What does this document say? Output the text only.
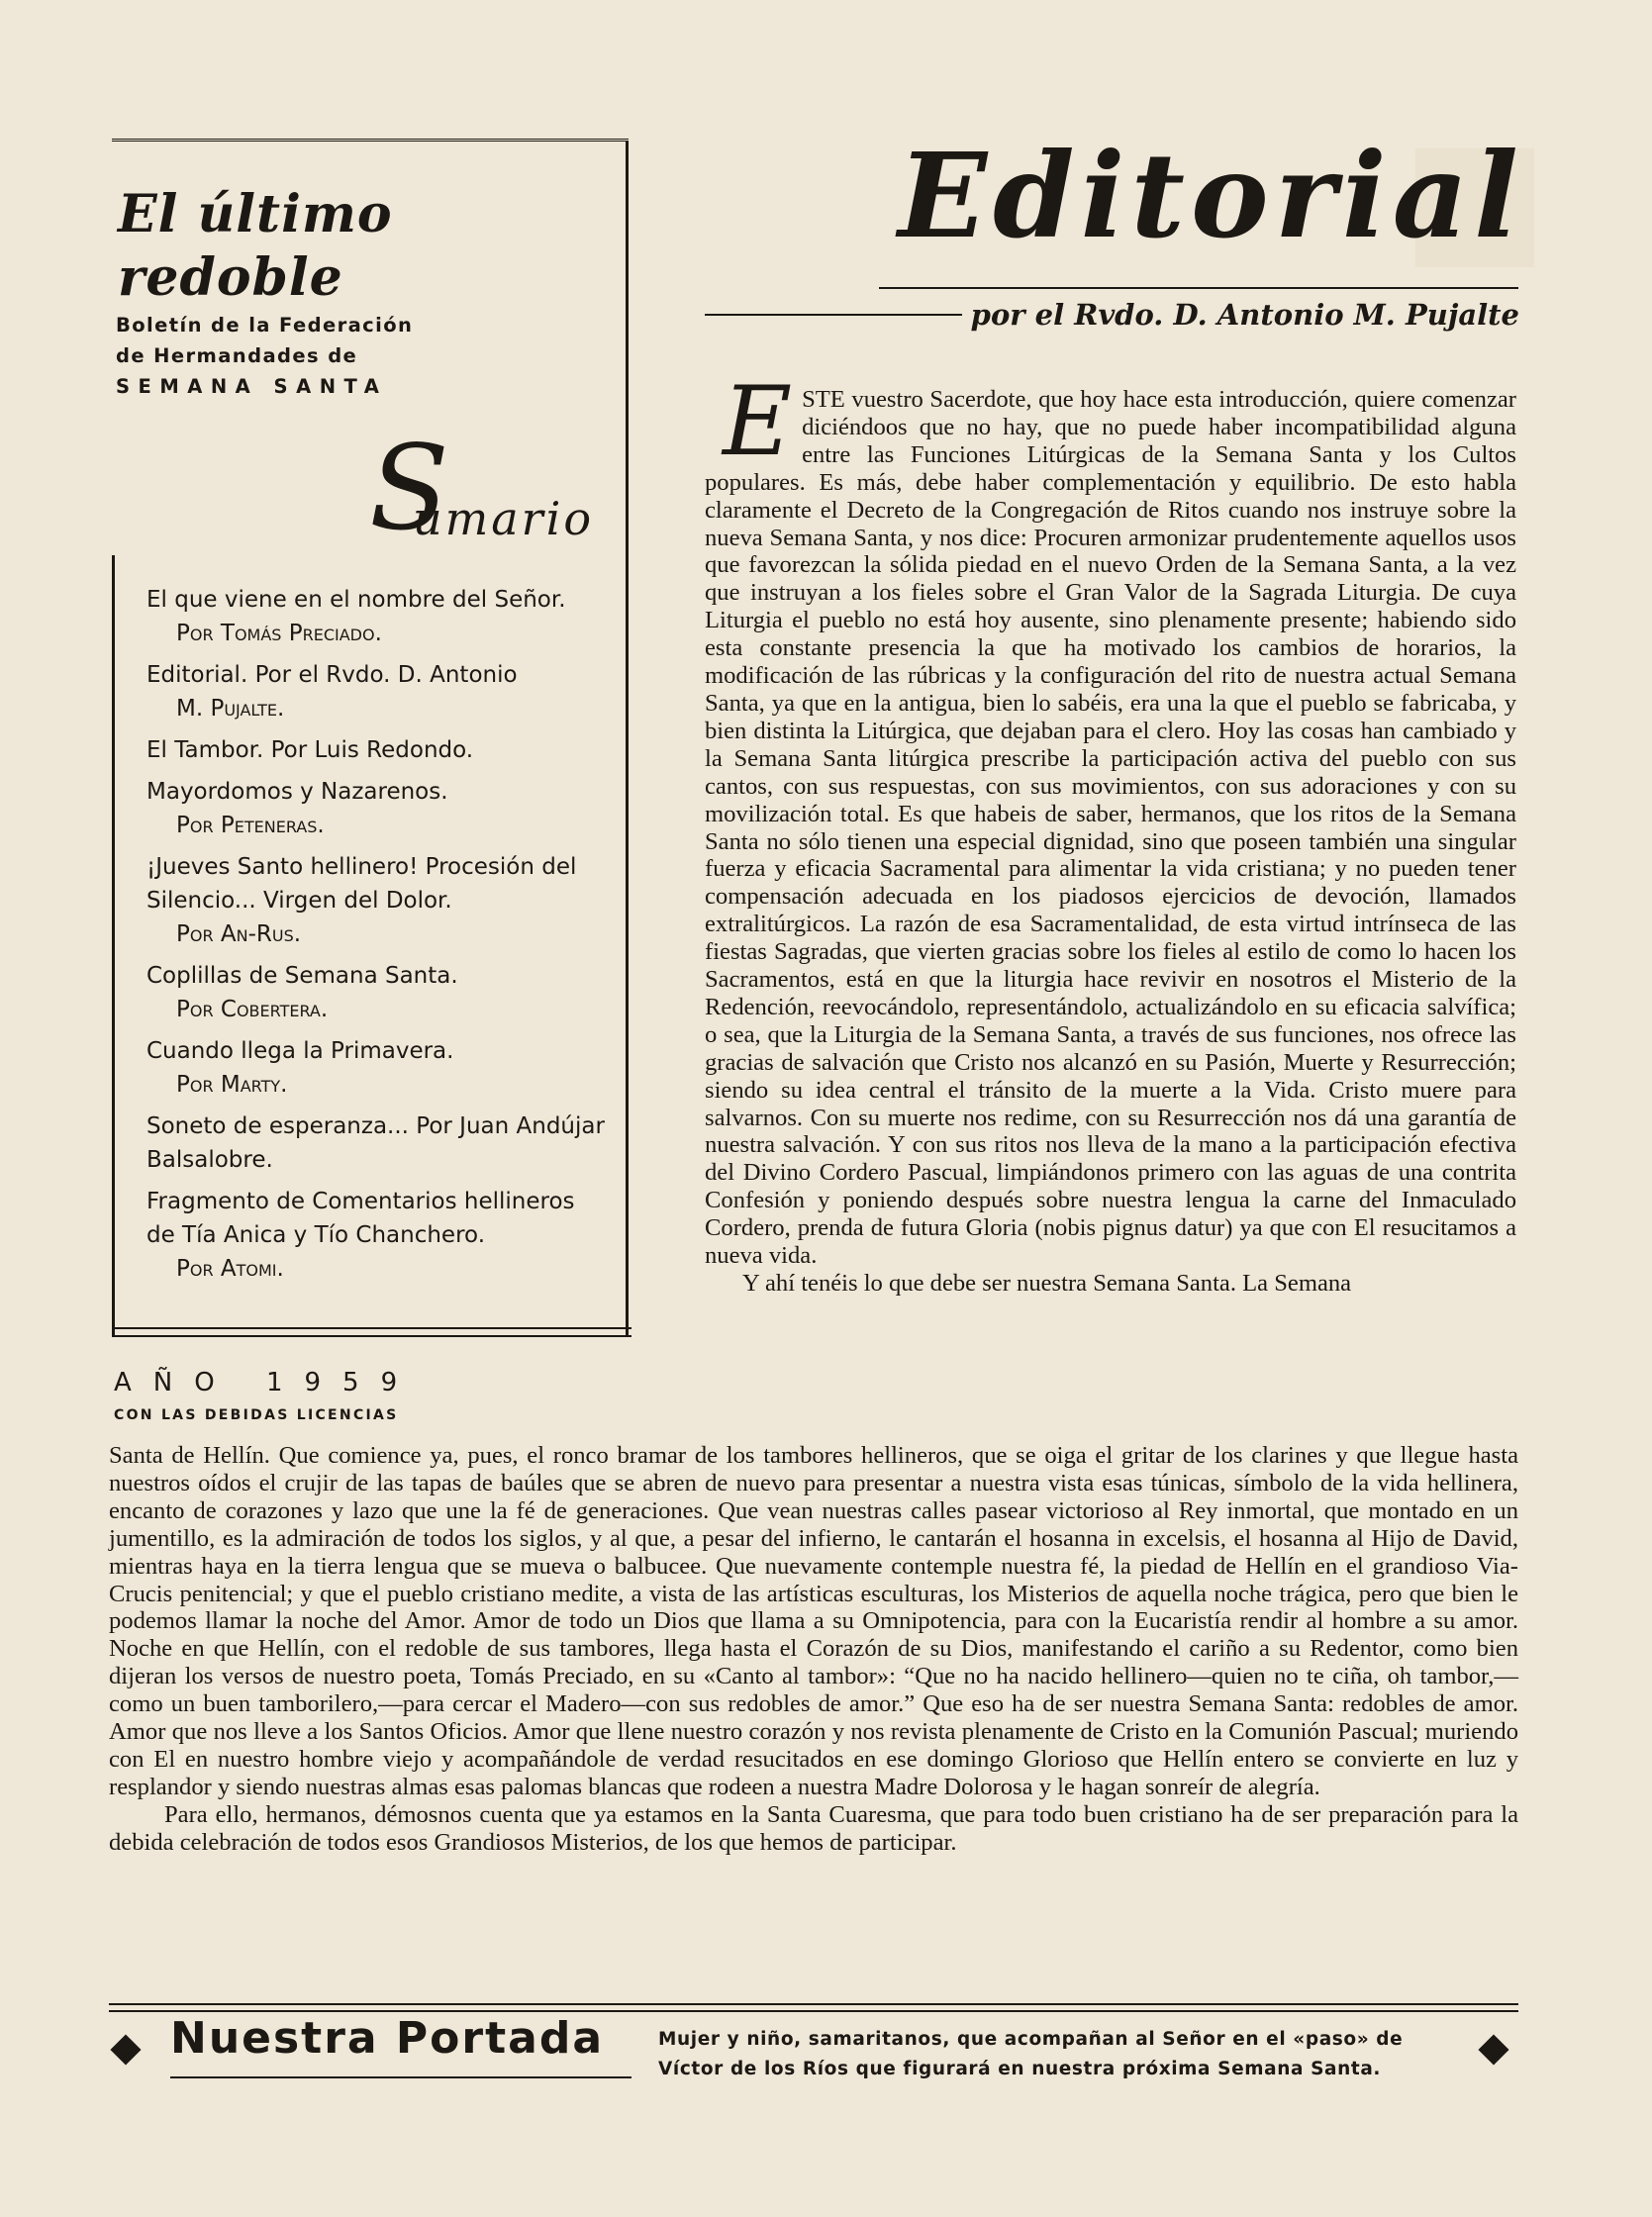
El último
redoble
Boletín de la Federación
de Hermandades de
SEMANA SANTA
S
umario
El que viene en el nombre del Señor.
Por Tomás Preciado.
Editorial. Por el Rvdo. D. Antonio
M. Pujalte.
El Tambor. Por Luis Redondo.
Mayordomos y Nazarenos.
Por Peteneras.
¡Jueves Santo hellinero! Procesión del Silencio... Virgen del Dolor.
Por An-Rus.
Coplillas de Semana Santa.
Por Cobertera.
Cuando llega la Primavera.
Por Marty.
Soneto de esperanza... Por Juan Andújar Balsalobre.
Fragmento de Comentarios hellineros de Tía Anica y Tío Chanchero.
Por Atomi.
AÑO 1959
CON LAS DEBIDAS LICENCIAS
Editorial
por el Rvdo. D. Antonio M. Pujalte

ESTE vuestro Sacerdote, que hoy hace esta introducción, quiere comenzar diciéndoos que no hay, que no puede haber incompatibilidad alguna entre las Funciones Litúrgicas de la Semana Santa y los Cultos populares. Es más, debe haber complementación y equilibrio. De esto habla claramente el Decreto de la Congregación de Ritos cuando nos instruye sobre la nueva Semana Santa, y nos dice: Procuren armonizar prudentemente aquellos usos que favorezcan la sólida piedad en el nuevo Orden de la Semana Santa, a la vez que instruyan a los fieles sobre el Gran Valor de la Sagrada Liturgia. De cuya Liturgia el pueblo no está hoy ausente, sino plenamente presente; habiendo sido esta constante presencia la que ha motivado los cambios de horarios, la modificación de las rúbricas y la configuración del rito de nuestra actual Semana Santa, ya que en la antigua, bien lo sabéis, era una la que el pueblo se fabricaba, y bien distinta la Litúrgica, que dejaban para el clero. Hoy las cosas han cambiado y la Semana Santa litúrgica prescribe la participación activa del pueblo con sus cantos, con sus respuestas, con sus movimientos, con sus adoraciones y con su movilización total. Es que habeis de saber, hermanos, que los ritos de la Semana Santa no sólo tienen una especial dignidad, sino que poseen también una singular fuerza y eficacia Sacramental para alimentar la vida cristiana; y no pueden tener compensación adecuada en los piadosos ejercicios de devoción, llamados extralitúrgicos. La razón de esa Sacramentalidad, de esta virtud intrínseca de las fiestas Sagradas, que vierten gracias sobre los fieles al estilo de como lo hacen los Sacramentos, está en que la liturgia hace revivir en nosotros el Misterio de la Redención, reevocándolo, representándolo, actualizándolo en su eficacia salvífica; o sea, que la Liturgia de la Semana Santa, a través de sus funciones, nos ofrece las gracias de salvación que Cristo nos alcanzó en su Pasión, Muerte y Resurrección; siendo su idea central el tránsito de la muerte a la Vida. Cristo muere para salvarnos. Con su muerte nos redime, con su Resurrección nos dá una garantía de nuestra salvación. Y con sus ritos nos lleva de la mano a la participación efectiva del Divino Cordero Pascual, limpiándonos primero con las aguas de una contrita Confesión y poniendo después sobre nuestra lengua la carne del Inmaculado Cordero, prenda de futura Gloria (nobis pignus datur) ya que con El resucitamos a nueva vida.

Y ahí tenéis lo que debe ser nuestra Semana Santa. La Semana

Santa de Hellín. Que comience ya, pues, el ronco bramar de los tambores hellineros, que se oiga el gritar de los clarines y que llegue hasta nuestros oídos el crujir de las tapas de baúles que se abren de nuevo para presentar a nuestra vista esas túnicas, símbolo de la vida hellinera, encanto de corazones y lazo que une la fé de generaciones. Que vean nuestras calles pasear victorioso al Rey inmortal, que montado en un jumentillo, es la admiración de todos los siglos, y al que, a pesar del infierno, le cantarán el hosanna in excelsis, el hosanna al Hijo de David, mientras haya en la tierra lengua que se mueva o balbucee. Que nuevamente contemple nuestra fé, la piedad de Hellín en el grandioso Via-Crucis penitencial; y que el pueblo cristiano medite, a vista de las artísticas esculturas, los Misterios de aquella noche trágica, pero que bien le podemos llamar la noche del Amor. Amor de todo un Dios que llama a su Omnipotencia, para con la Eucaristía rendir al hombre a su amor. Noche en que Hellín, con el redoble de sus tambores, llega hasta el Corazón de su Dios, manifestando el cariño a su Redentor, como bien dijeran los versos de nuestro poeta, Tomás Preciado, en su «Canto al tambor»: “Que no ha nacido hellinero—quien no te ciña, oh tambor,—como un buen tamborilero,—para cercar el Madero—con sus redobles de amor.” Que eso ha de ser nuestra Semana Santa: redobles de amor. Amor que nos lleve a los Santos Oficios. Amor que llene nuestro corazón y nos revista plenamente de Cristo en la Comunión Pascual; muriendo con El en nuestro hombre viejo y acompañándole de verdad resucitados en ese domingo Glorioso que Hellín entero se convierte en luz y resplandor y siendo nuestras almas esas palomas blancas que rodeen a nuestra Madre Dolorosa y le hagan sonreír de alegría.

Para ello, hermanos, démosnos cuenta que ya estamos en la Santa Cuaresma, que para todo buen cristiano ha de ser preparación para la debida celebración de todos esos Grandiosos Misterios, de los que hemos de participar.

Nuestra Portada	Mujer y niño, samaritanos, que acompañan al Señor en el «paso» de
Víctor de los Ríos que figurará en nuestra próxima Semana Santa.
